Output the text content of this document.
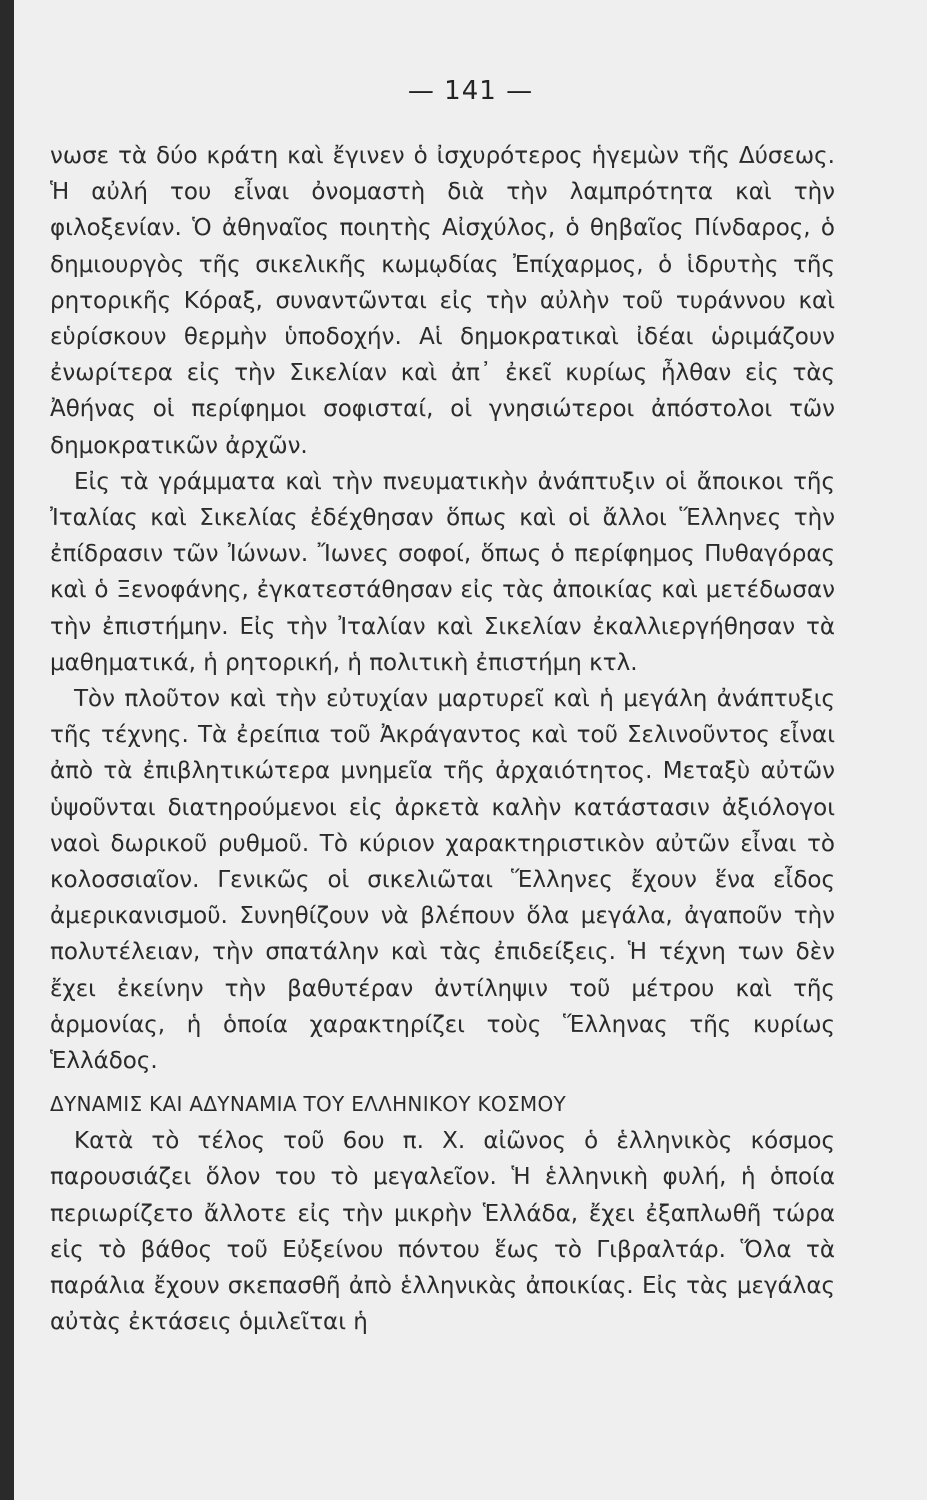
— 141 —

νωσε τὰ δύο κράτη καὶ ἔγινεν ὁ ἰσχυρότερος ἡγεμὼν τῆς Δύσεως. Ἡ αὐλή του εἶναι ὀνομαστὴ διὰ τὴν λαμπρότητα καὶ τὴν φιλοξενίαν. Ὁ ἀθηναῖος ποιητὴς Αἰσχύλος, ὁ θηβαῖος Πίνδαρος, ὁ δημιουργὸς τῆς σικελικῆς κωμῳδίας Ἐπίχαρμος, ὁ ἱδρυτὴς τῆς ρητορικῆς Κόραξ, συναντῶνται εἰς τὴν αὐλὴν τοῦ τυράννου καὶ εὑρίσκουν θερμὴν ὑποδοχήν. Αἱ δημοκρατικαὶ ἰδέαι ὡριμάζουν ἐνωρίτερα εἰς τὴν Σικελίαν καὶ ἀπ᾽ ἐκεῖ κυρίως ἦλθαν εἰς τὰς Ἀθήνας οἱ περίφημοι σοφισταί, οἱ γνησιώτεροι ἀπόστολοι τῶν δημοκρατικῶν ἀρχῶν.

Εἰς τὰ γράμματα καὶ τὴν πνευματικὴν ἀνάπτυξιν οἱ ἄποικοι τῆς Ἰταλίας καὶ Σικελίας ἐδέχθησαν ὅπως καὶ οἱ ἄλλοι Ἕλληνες τὴν ἐπίδρασιν τῶν Ἰώνων. Ἴωνες σοφοί, ὅπως ὁ περίφημος Πυθαγόρας καὶ ὁ Ξενοφάνης, ἐγκατεστάθησαν εἰς τὰς ἀποικίας καὶ μετέδωσαν τὴν ἐπιστήμην. Εἰς τὴν Ἰταλίαν καὶ Σικελίαν ἐκαλλιεργήθησαν τὰ μαθηματικά, ἡ ρητορική, ἡ πολιτικὴ ἐπιστήμη κτλ.

Τὸν πλοῦτον καὶ τὴν εὐτυχίαν μαρτυρεῖ καὶ ἡ μεγάλη ἀνάπτυξις τῆς τέχνης. Τὰ ἐρείπια τοῦ Ἀκράγαντος καὶ τοῦ Σελινοῦντος εἶναι ἀπὸ τὰ ἐπιβλητικώτερα μνημεῖα τῆς ἀρχαιότητος. Μεταξὺ αὐτῶν ὑψοῦνται διατηρούμενοι εἰς ἀρκετὰ καλὴν κατάστασιν ἀξιόλογοι ναοὶ δωρικοῦ ρυθμοῦ. Τὸ κύριον χαρακτηριστικὸν αὐτῶν εἶναι τὸ κολοσσιαῖον. Γενικῶς οἱ σικελιῶται Ἕλληνες ἔχουν ἕνα εἶδος ἀμερικανισμοῦ. Συνηθίζουν νὰ βλέπουν ὅλα μεγάλα, ἀγαποῦν τὴν πολυτέλειαν, τὴν σπατάλην καὶ τὰς ἐπιδείξεις. Ἡ τέχνη των δὲν ἔχει ἐκείνην τὴν βαθυτέραν ἀντίληψιν τοῦ μέτρου καὶ τῆς ἁρμονίας, ἡ ὁποία χαρακτηρίζει τοὺς Ἕλληνας τῆς κυρίως Ἑλλάδος.

ΔΥΝΑΜΙΣ ΚΑΙ ΑΔΥΝΑΜΙΑ ΤΟΥ ΕΛΛΗΝΙΚΟΥ ΚΟΣΜΟΥ

Κατὰ τὸ τέλος τοῦ 6ου π. Χ. αἰῶνος ὁ ἑλληνικὸς κόσμος παρουσιάζει ὅλον του τὸ μεγαλεῖον. Ἡ ἑλληνικὴ φυλή, ἡ ὁποία περιωρίζετο ἄλλοτε εἰς τὴν μικρὴν Ἑλλάδα, ἔχει ἐξαπλωθῆ τώρα εἰς τὸ βάθος τοῦ Εὐξείνου πόντου ἕως τὸ Γιβραλτάρ. Ὅλα τὰ παράλια ἔχουν σκεπασθῆ ἀπὸ ἑλληνικὰς ἀποικίας. Εἰς τὰς μεγάλας αὐτὰς ἐκτάσεις ὁμιλεῖται ἡ
